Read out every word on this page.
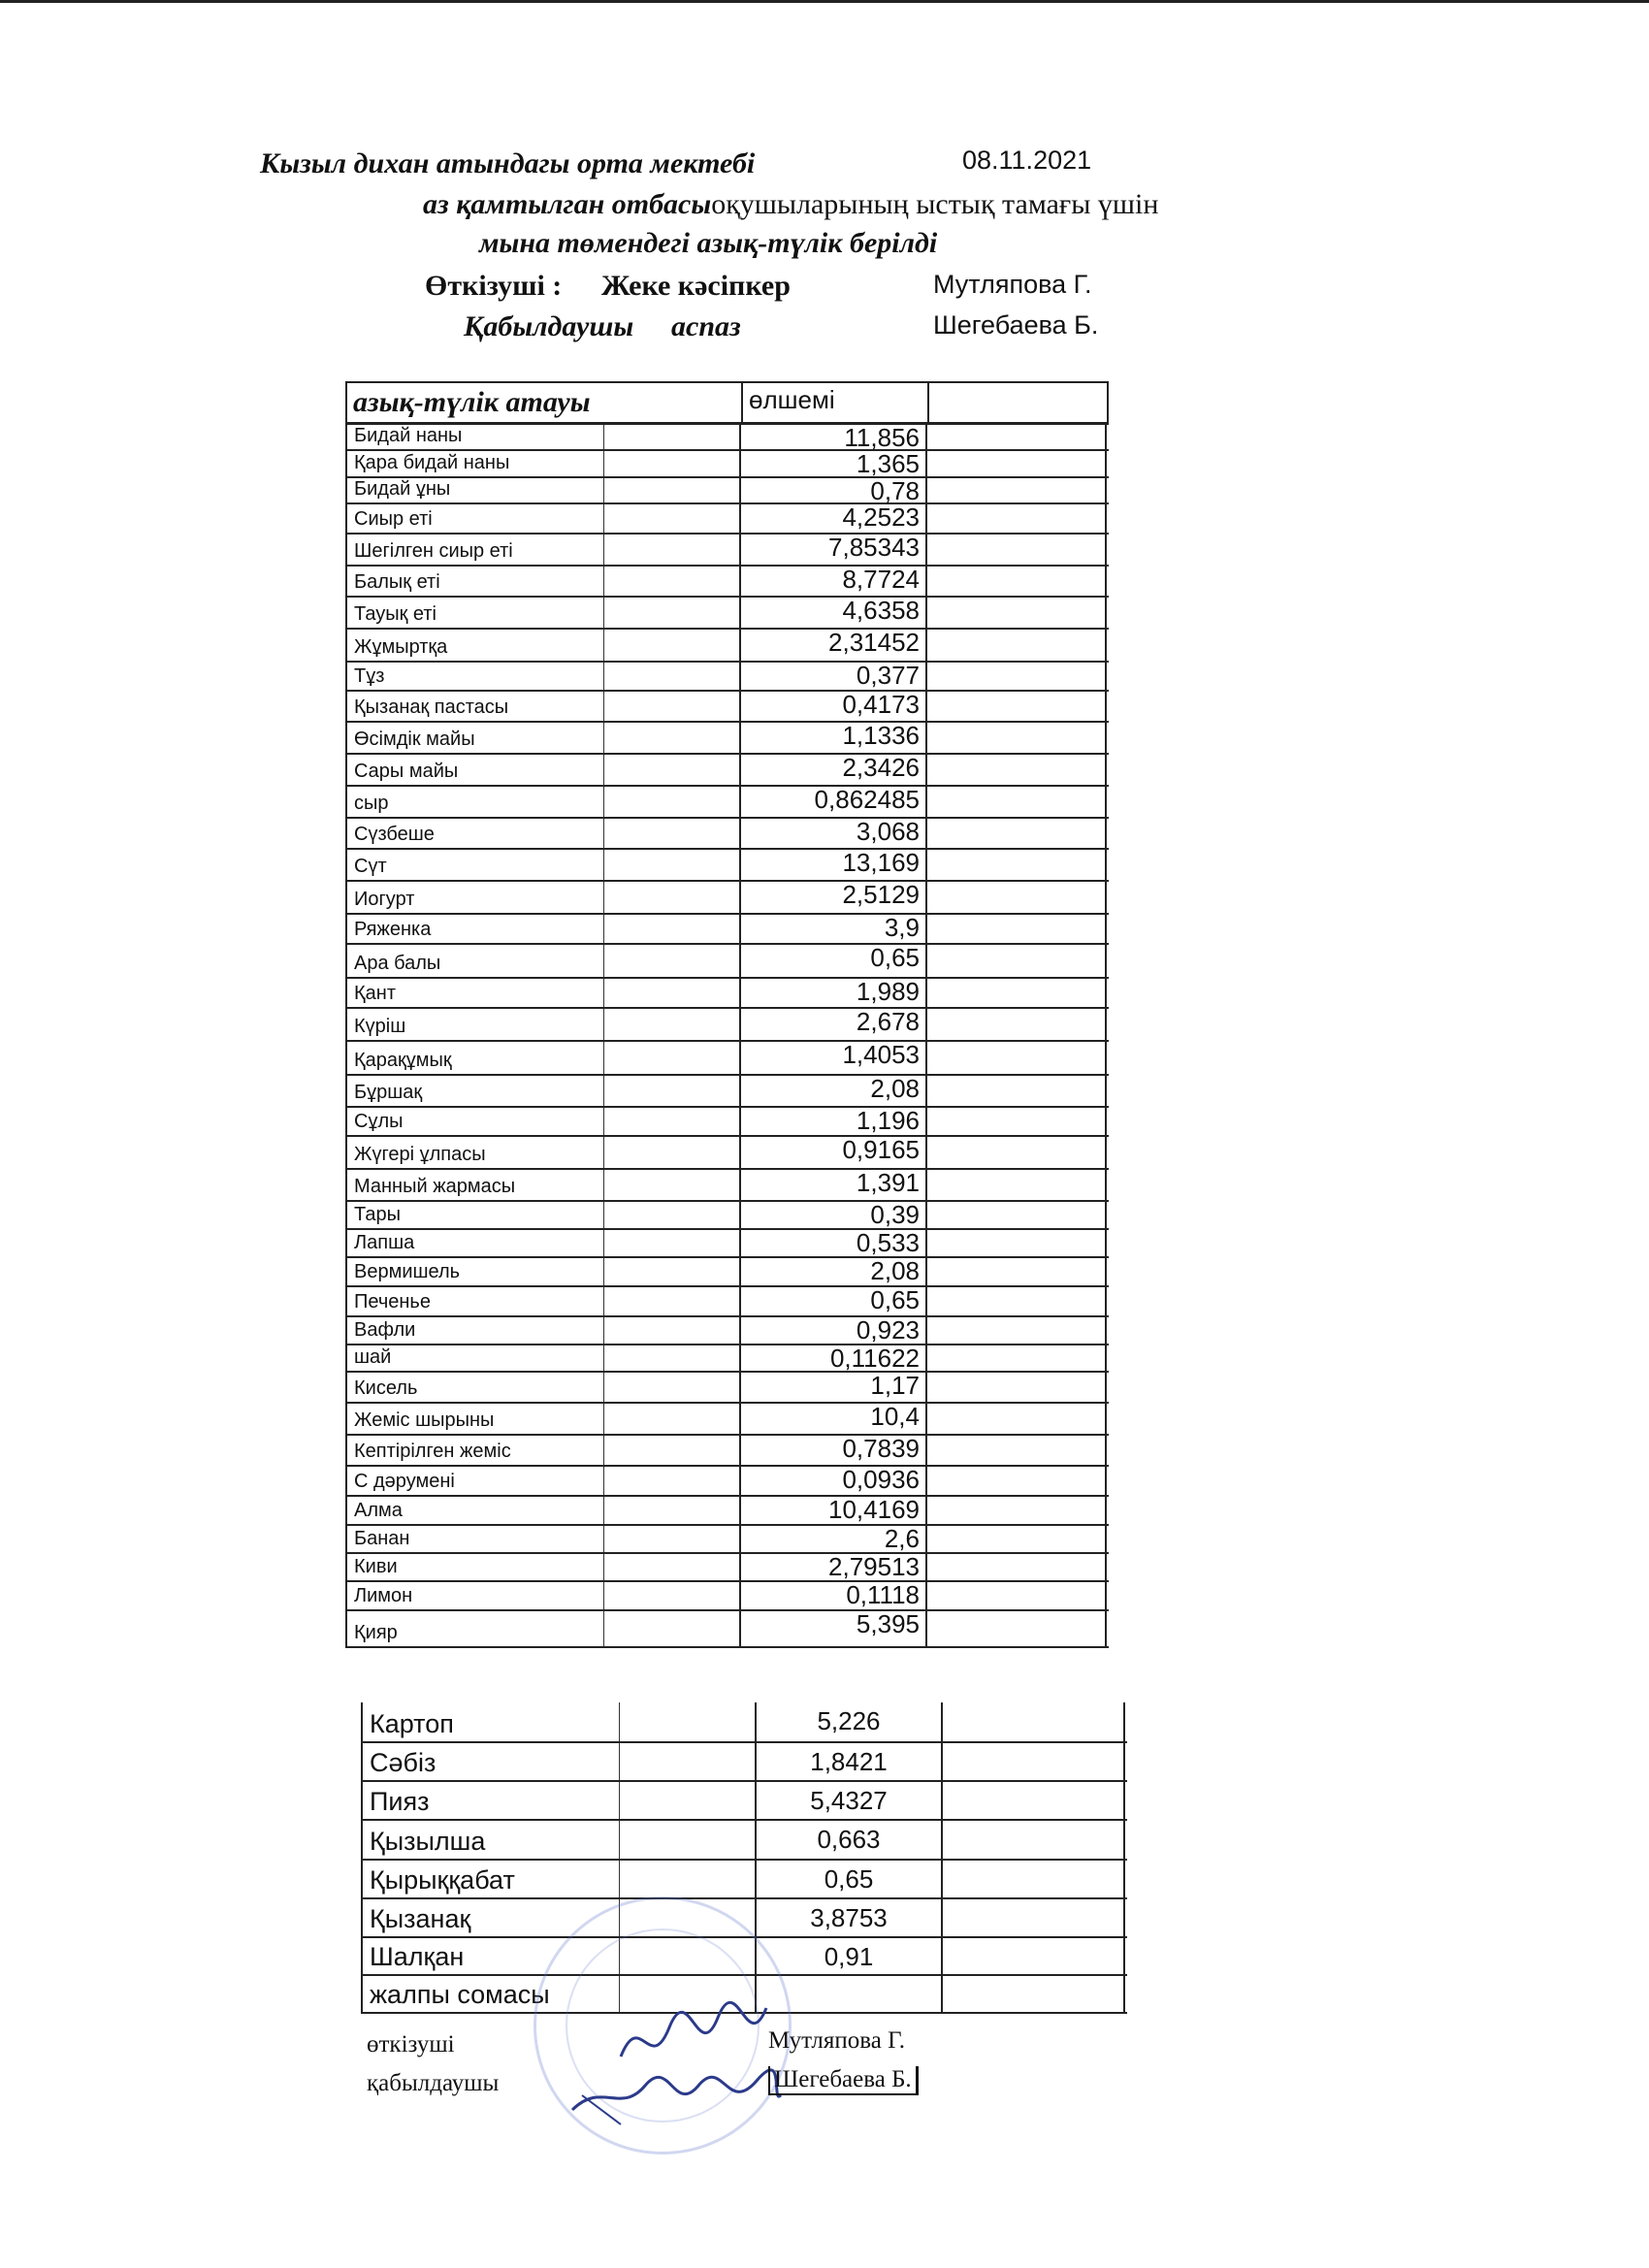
Кызыл дихан атындагы орта мектебі	08.11.2021
аз қамтылган отбасыоқушыларының ыстық тамағы үшін
мына төмендегі азық-түлік берілді
Өткізуші : Жеке кәсіпкер	Мутляпова Г.
Қабылдаушы аспаз	Шегебаева Б.
азық-түлік атауы	өлшемі
Бидай наны	11,856
Қара бидай наны	1,365
Бидай ұны	0,78
Сиыр еті	4,2523
Шегілген сиыр еті	7,85343
Балық еті	8,7724
Тауық еті	4,6358
Жұмыртқа	2,31452
Тұз	0,377
Қызанақ пастасы	0,4173
Өсімдік майы	1,1336
Сары майы	2,3426
сыр	0,862485
Сүзбеше	3,068
Сүт	13,169
Иогурт	2,5129
Ряженка	3,9
Ара балы	0,65
Қант	1,989
Күріш	2,678
Қарақұмық	1,4053
Бұршақ	2,08
Сұлы	1,196
Жүгері ұлпасы	0,9165
Манный жармасы	1,391
Тары	0,39
Лапша	0,533
Вермишель	2,08
Печенье	0,65
Вафли	0,923
шай	0,11622
Кисель	1,17
Жеміс шырыны	10,4
Кептірілген жеміс	0,7839
С дәрумені	0,0936
Алма	10,4169
Банан	2,6
Киви	2,79513
Лимон	0,1118
Қияр	5,395
Картоп	5,226
Сәбіз	1,8421
Пияз	5,4327
Қызылша	0,663
Қырыққабат	0,65
Қызанақ	3,8753
Шалқан	0,91
жалпы сомасы
өткізуші	Мутляпова Г.
қабылдаушы	Шегебаева Б.
